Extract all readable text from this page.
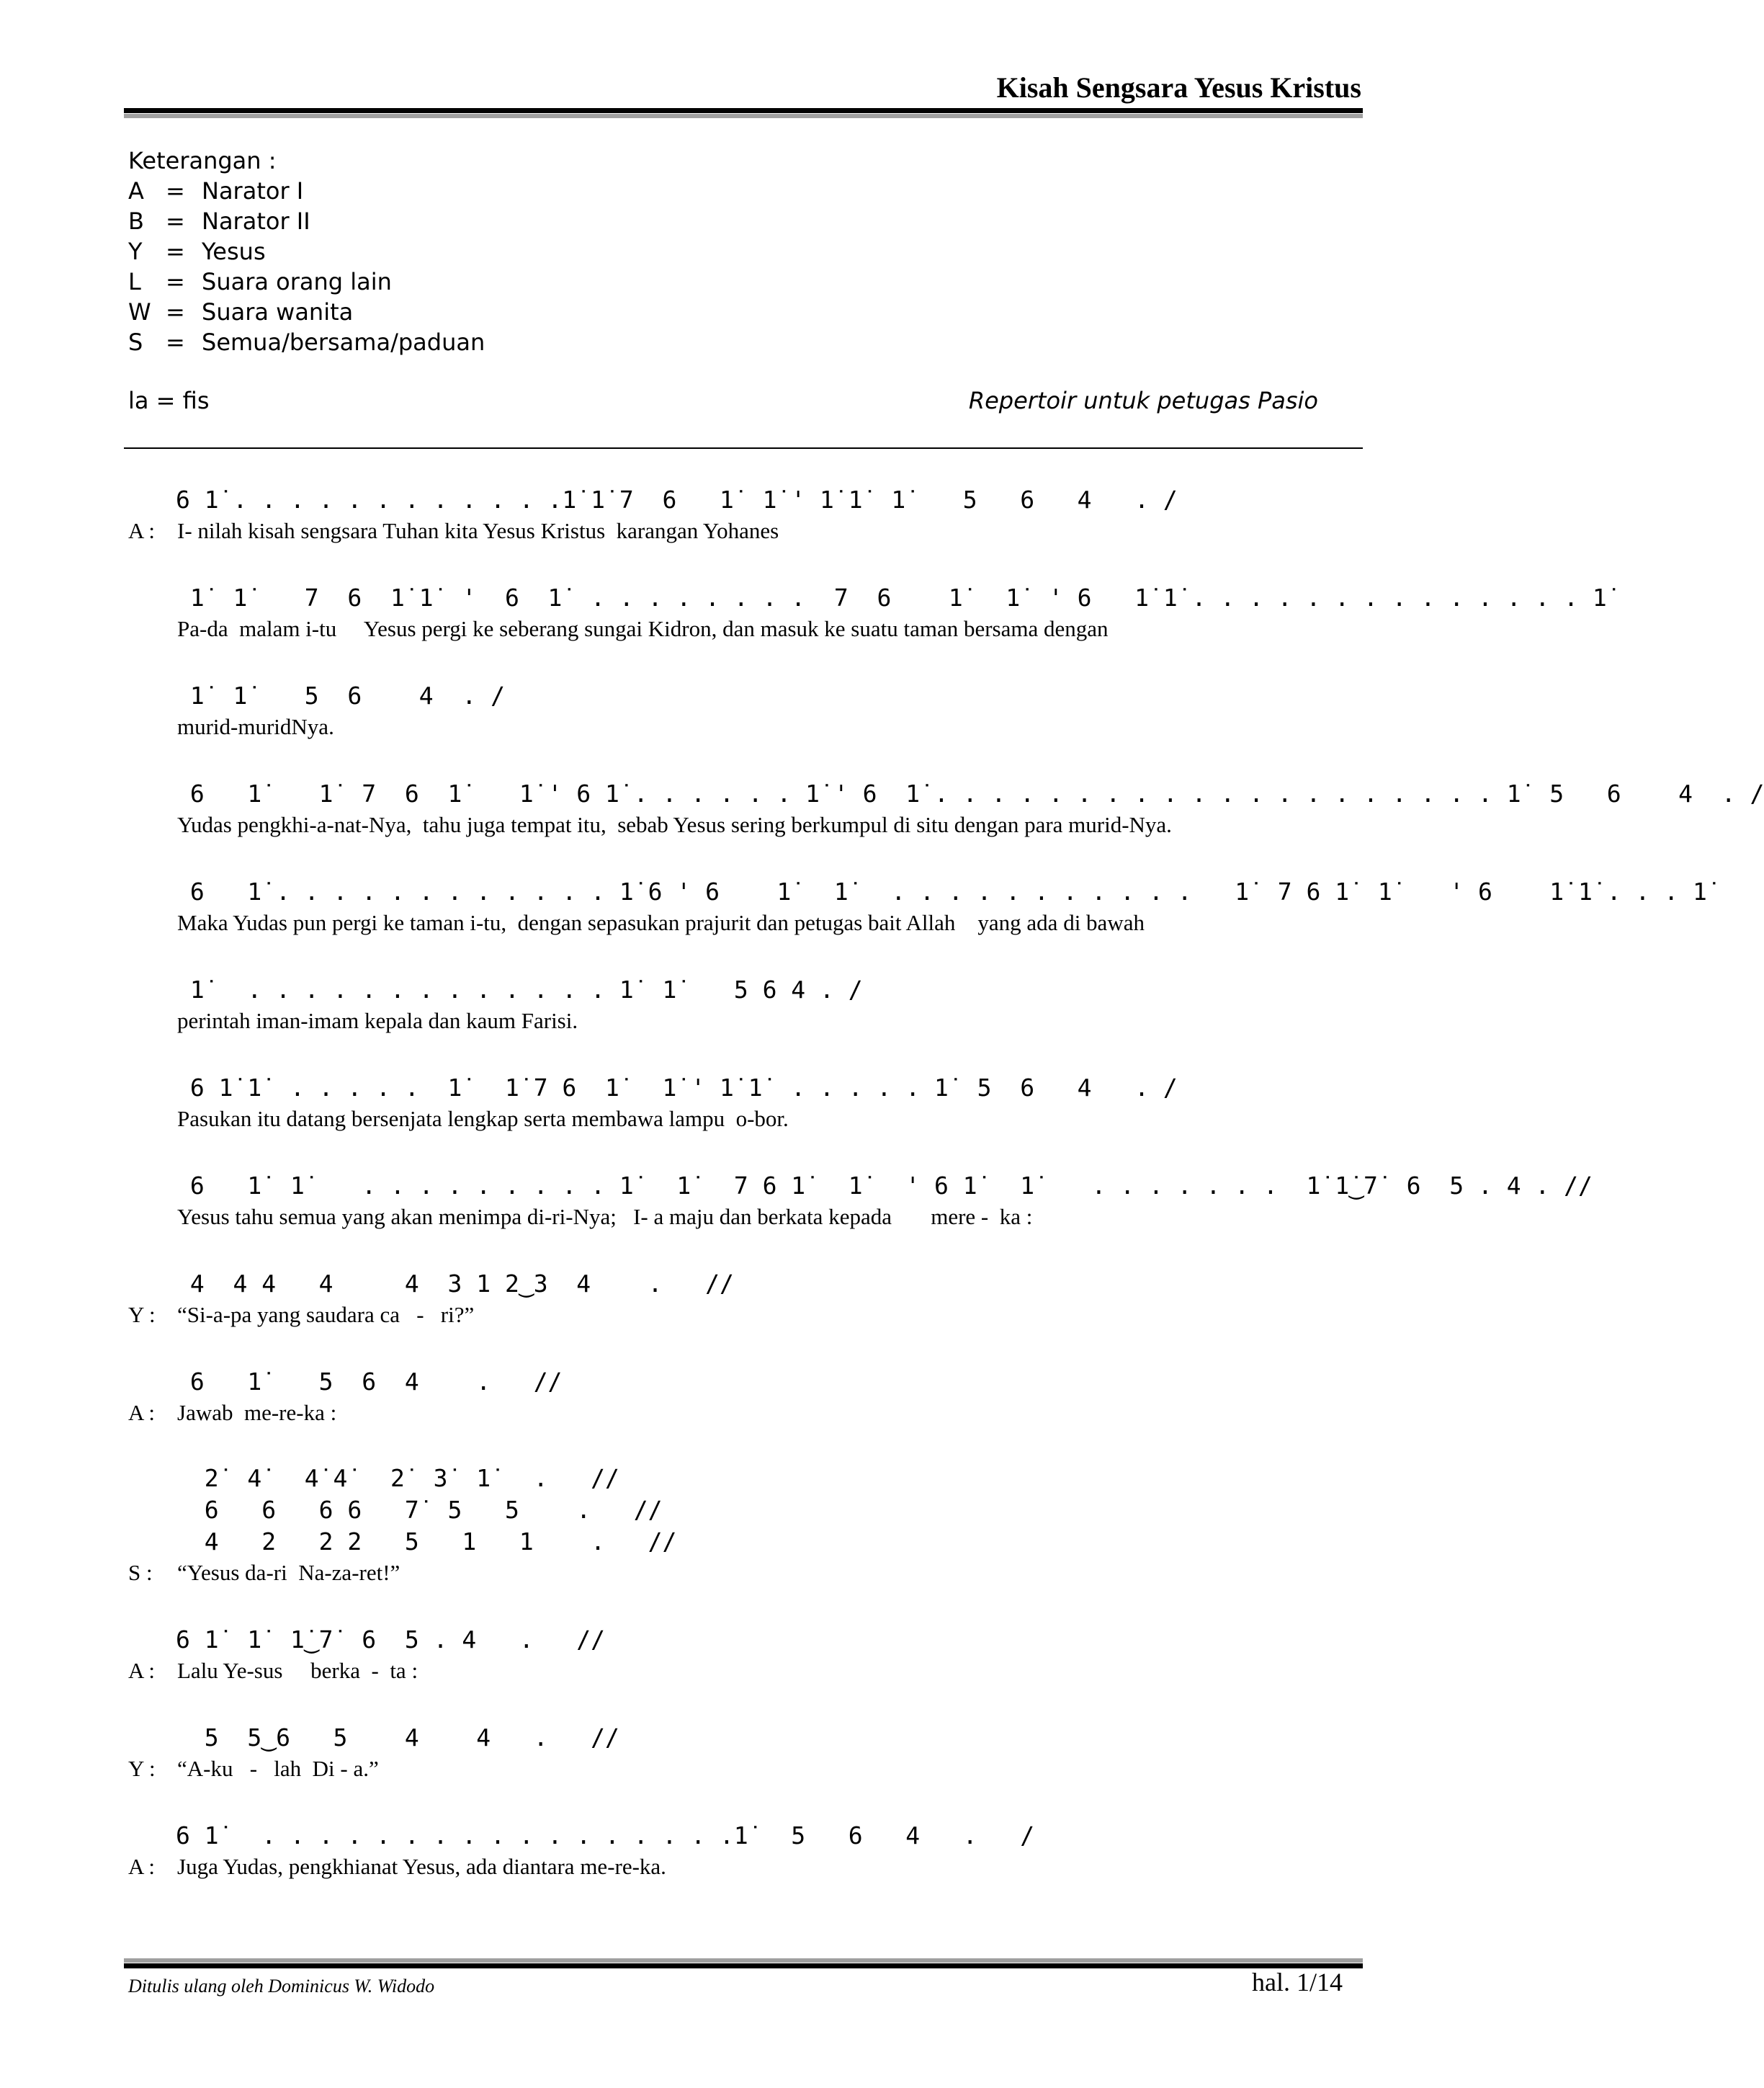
Kisah Sengsara Yesus Kristus
Keterangan :
A = Narator I
B = Narator II
Y	= Yesus
L	= Suara orang lain
W = Suara wanita
S = Semua/bersama/paduan
la = fis	Repertoir untuk petugas Pasio
6 1̇ . . . . . . . . . . . .1̇ 1̇ 7  6   1̇  1̇ ' 1̇ 1̇  1̇    5   6   4   . /
A : I- nilah kisah sengsara Tuhan kita Yesus Kristus  karangan Yohanes
1̇  1̇    7  6  1̇ 1̇  '  6  1̇  . . . . . . . .  7  6    1̇   1̇  ' 6   1̇ 1̇ . . . . . . . . . . . . . . 1̇
Pa-da  malam i-tu     Yesus pergi ke seberang sungai Kidron, dan masuk ke suatu taman bersama dengan
1̇  1̇    5  6    4  . /
murid-muridNya.
6   1̇    1̇  7  6  1̇    1̇ ' 6 1̇ . . . . . . 1̇ ' 6  1̇ . . . . . . . . . . . . . . . . . . . . 1̇  5   6    4  . /
Yudas pengkhi-a-nat-Nya,  tahu juga tempat itu,  sebab Yesus sering berkumpul di situ dengan para murid-Nya.
6   1̇ . . . . . . . . . . . . 1̇ 6 ' 6    1̇   1̇   . . . . . . . . . . .   1̇  7 6 1̇  1̇    ' 6    1̇ 1̇ . . . 1̇
Maka Yudas pun pergi ke taman i-tu,  dengan sepasukan prajurit dan petugas bait Allah    yang ada di bawah
1̇   . . . . . . . . . . . . . 1̇  1̇    5 6 4 . /
perintah iman-imam kepala dan kaum Farisi.
6 1̇ 1̇  . . . . .  1̇   1̇ 7 6  1̇   1̇ ' 1̇ 1̇  . . . . . 1̇  5  6   4   . /
Pasukan itu datang bersenjata lengkap serta membawa lampu  o-bor.
6   1̇  1̇    . . . . . . . . . 1̇   1̇   7 6 1̇   1̇   ' 6 1̇   1̇    . . . . . . .  1̇ 1̇‿7̇  6  5 . 4 . //
Yesus tahu semua yang akan menimpa di-ri-Nya;   I- a maju dan berkata kepada       mere -  ka :
4  4 4   4     4  3 1 2‿3  4    .   //
Y : “Si-a-pa yang saudara ca   -   ri?”
6   1̇    5  6  4    .   //
A : Jawab  me-re-ka :
2̇  4̇   4̇ 4̇   2̇  3̇  1̇   .   //
6   6   6 6   7̇  5   5    .   //
4   2   2 2   5   1   1    .   //
S :	“Yesus da-ri  Na-za-ret!”
6 1̇  1̇  1̇‿7̇  6  5 . 4   .   //
A : Lalu Ye-sus     berka  -  ta :
5  5‿6   5    4    4   .   //
Y : “A-ku   -   lah  Di - a.”
6 1̇   . . . . . . . . . . . . . . . . .1̇   5   6   4   .   /
A : Juga Yudas, pengkhianat Yesus, ada diantara me-re-ka.
Ditulis ulang oleh Dominicus W. Widodo	hal. 1/14
